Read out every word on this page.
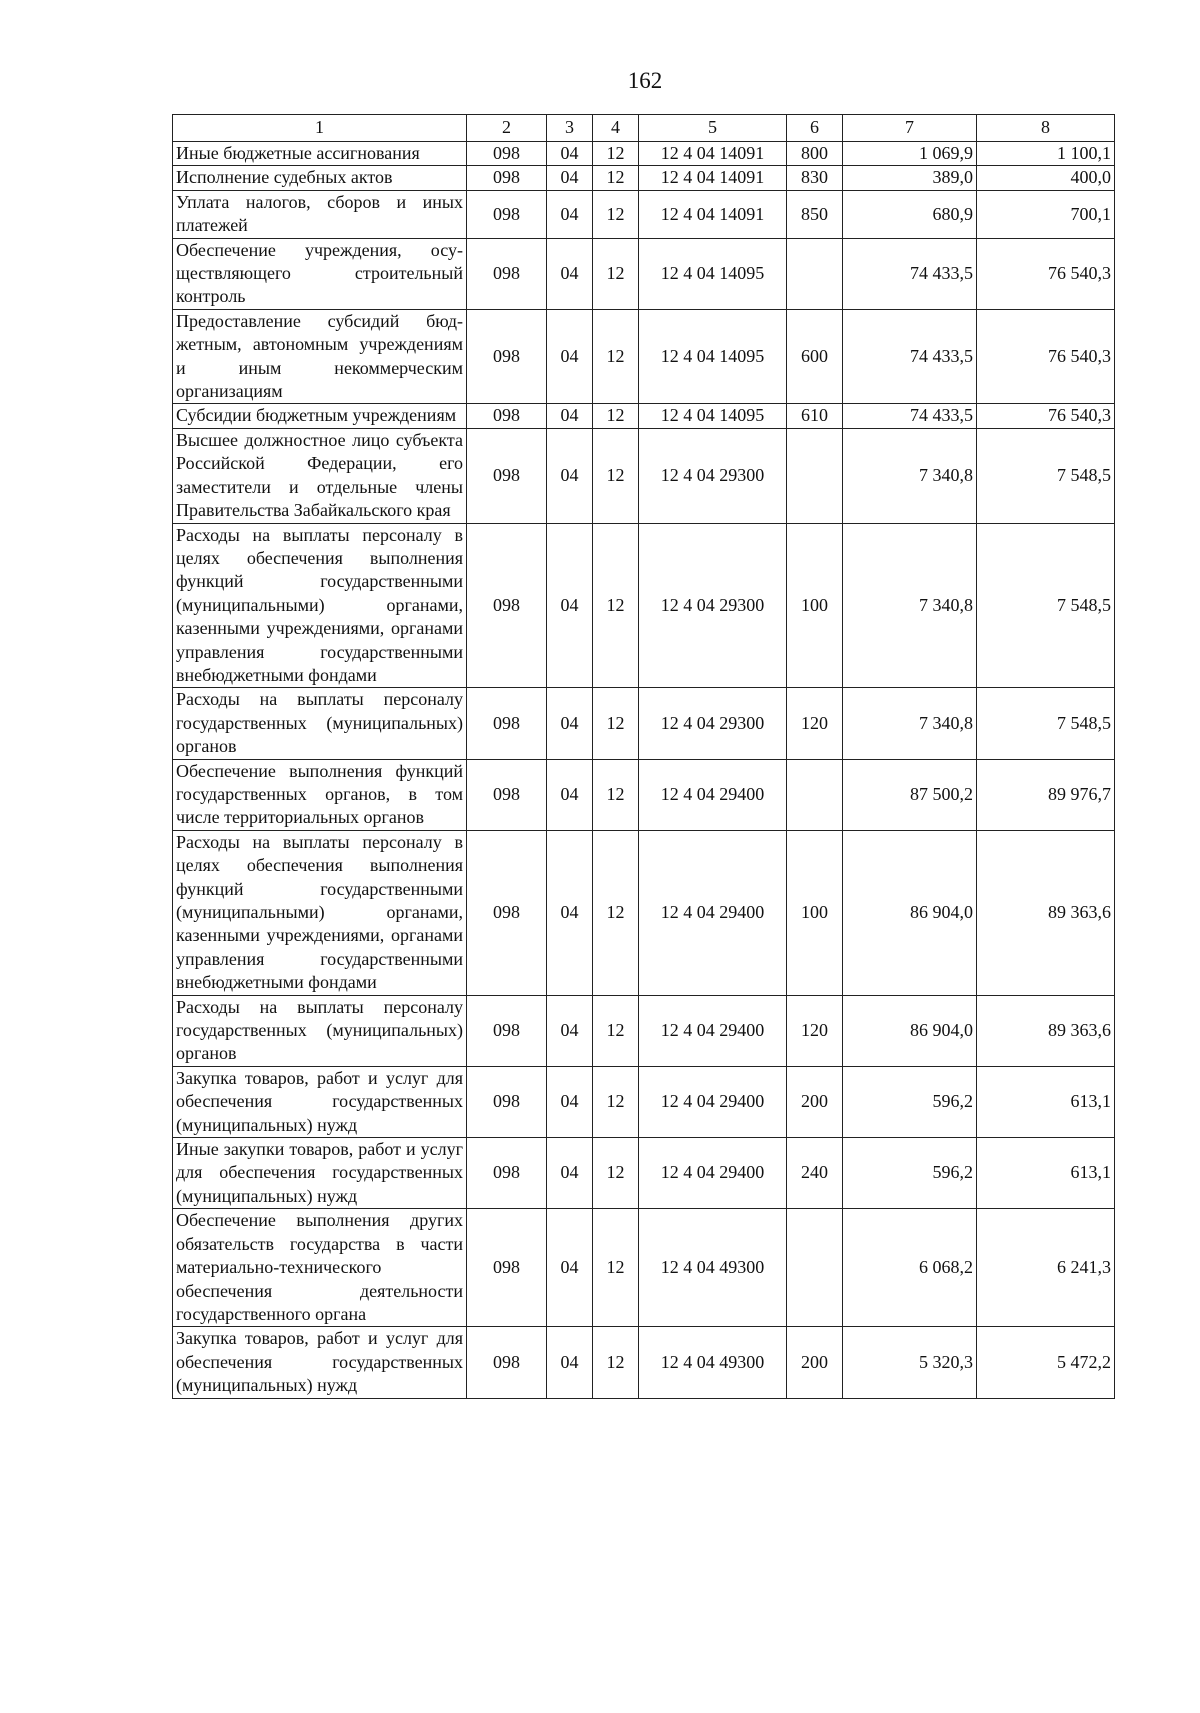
162
1	2	3	4	5	6	7	8
Иные бюджетные ассигнования	098	04	12	12 4 04 14091	800	1 069,9	1 100,1
Исполнение судебных актов	098	04	12	12 4 04 14091	830	389,0	400,0
Уплата налогов, сборов и иных платежей	098	04	12	12 4 04 14091	850	680,9	700,1
Обеспечение учреждения, осуществляющего строительный контроль	098	04	12	12 4 04 14095		74 433,5	76 540,3
Предоставление субсидий бюджетным, автономным учреждениям и иным некоммерческим организациям	098	04	12	12 4 04 14095	600	74 433,5	76 540,3
Субсидии бюджетным учреждениям	098	04	12	12 4 04 14095	610	74 433,5	76 540,3
Высшее должностное лицо субъекта Российской Федерации, его заместители и отдельные члены Правительства Забайкальского края	098	04	12	12 4 04 29300		7 340,8	7 548,5
Расходы на выплаты персоналу в целях обеспечения выполнения функций государственными (муниципальными) органами, казенными учреждениями, органами управления государственными внебюджетными фондами	098	04	12	12 4 04 29300	100	7 340,8	7 548,5
Расходы на выплаты персоналу государственных (муниципальных) органов	098	04	12	12 4 04 29300	120	7 340,8	7 548,5
Обеспечение выполнения функций государственных органов, в том числе территориальных органов	098	04	12	12 4 04 29400		87 500,2	89 976,7
Расходы на выплаты персоналу в целях обеспечения выполнения функций государственными (муниципальными) органами, казенными учреждениями, органами управления государственными внебюджетными фондами	098	04	12	12 4 04 29400	100	86 904,0	89 363,6
Расходы на выплаты персоналу государственных (муниципальных) органов	098	04	12	12 4 04 29400	120	86 904,0	89 363,6
Закупка товаров, работ и услуг для обеспечения государственных (муниципальных) нужд	098	04	12	12 4 04 29400	200	596,2	613,1
Иные закупки товаров, работ и услуг для обеспечения государственных (муниципальных) нужд	098	04	12	12 4 04 29400	240	596,2	613,1
Обеспечение выполнения других обязательств государства в части материально-технического обеспечения деятельности государственного органа	098	04	12	12 4 04 49300		6 068,2	6 241,3
Закупка товаров, работ и услуг для обеспечения государственных (муниципальных) нужд	098	04	12	12 4 04 49300	200	5 320,3	5 472,2
